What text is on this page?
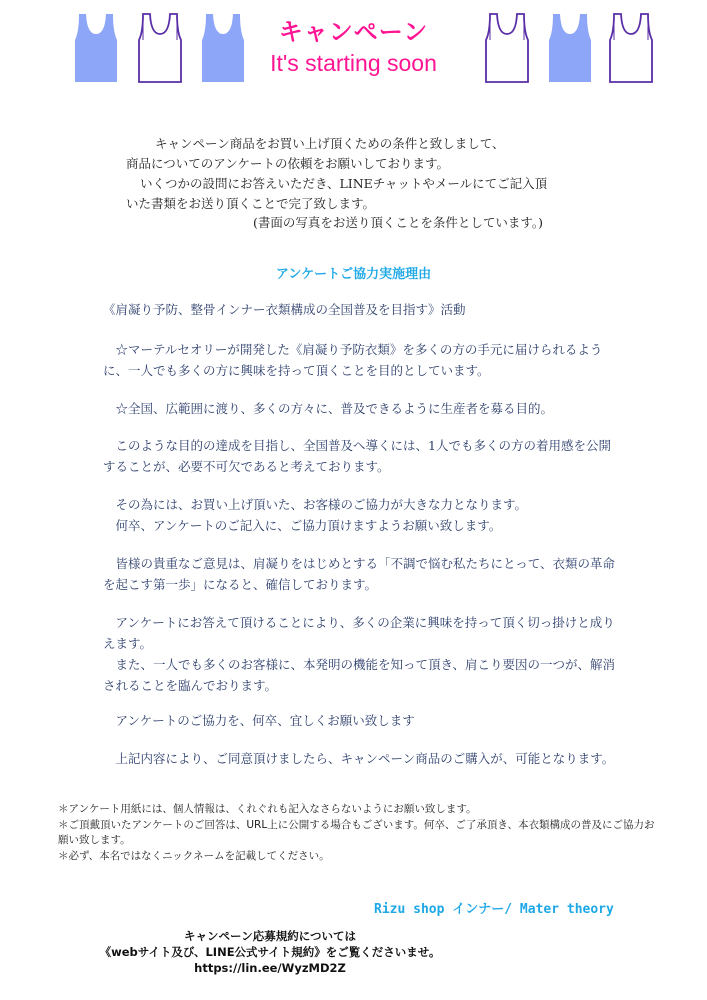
キャンペーン
It's starting soon
キャンペーン商品をお買い上げ頂くための条件と致しまして、
商品についてのアンケートの依頼をお願いしております。
いくつかの設問にお答えいただき、LINEチャットやメールにてご記入頂
いた書類をお送り頂くことで完了致します。
(書面の写真をお送り頂くことを条件としています。)
アンケートご協力実施理由
《肩凝り予防、整骨インナー衣類構成の全国普及を目指す》活動
　☆マーテルセオリーが開発した《肩凝り予防衣類》を多くの方の手元に届けられるように、一人でも多くの方に興味を持って頂くことを目的としています。
　☆全国、広範囲に渡り、多くの方々に、普及できるように生産者を募る目的。
　このような目的の達成を目指し、全国普及へ導くには、1人でも多くの方の着用感を公開することが、必要不可欠であると考えております。
　その為には、お買い上げ頂いた、お客様のご協力が大きな力となります。
　何卒、アンケートのご記入に、ご協力頂けますようお願い致します。
　皆様の貴重なご意見は、肩凝りをはじめとする「不調で悩む私たちにとって、衣類の革命を起こす第一歩」になると、確信しております。
　アンケートにお答えて頂けることにより、多くの企業に興味を持って頂く切っ掛けと成りえます。
　また、一人でも多くのお客様に、本発明の機能を知って頂き、肩こり要因の一つが、解消されることを臨んでおります。
　アンケートのご協力を、何卒、宜しくお願い致します
　上記内容により、ご同意頂けましたら、キャンペーン商品のご購入が、可能となります。
＊アンケート用紙には、個人情報は、くれぐれも記入なさらないようにお願い致します。
＊ご頂戴頂いたアンケートのご回答は、URL上に公開する場合もございます。何卒、ご了承頂き、本衣類構成の普及にご協力お願い致します。
＊必ず、本名ではなくニックネームを記載してください。
Rizu shop インナー/ Mater theory
キャンペーン応募規約については
《webサイト及び、LINE公式サイト規約》をご覧くださいませ。
https://lin.ee/WyzMD2Z
